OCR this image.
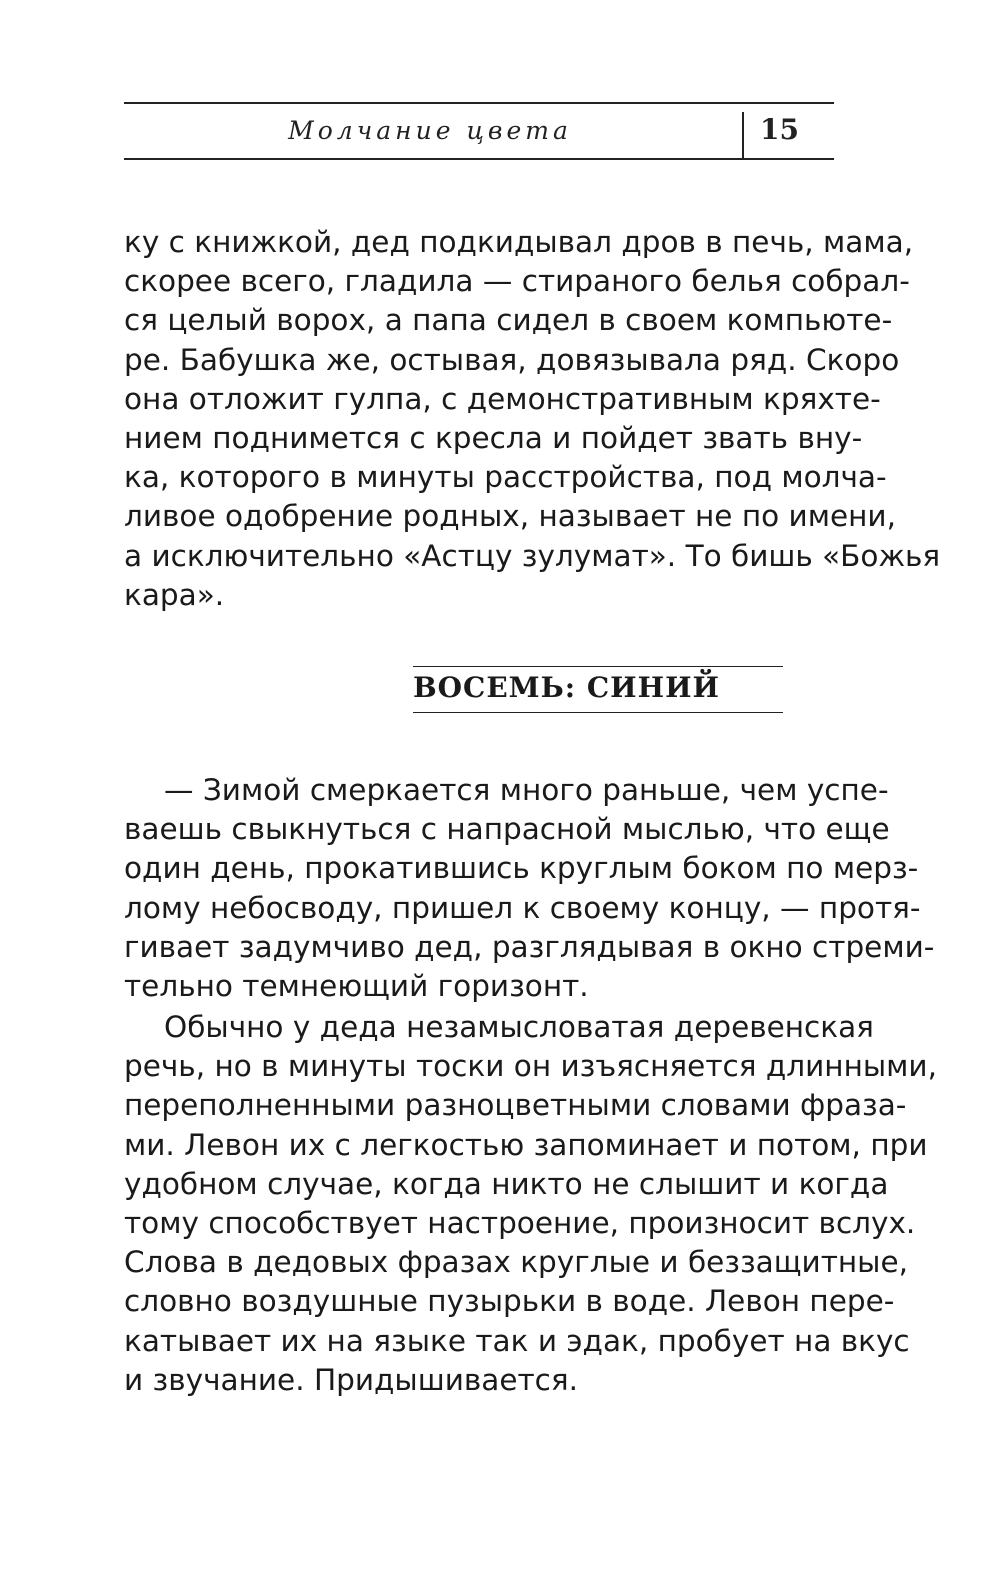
Молчание цвета	15
ку с книжкой, дед подкидывал дров в печь, мама,
скорее всего, гладила — стираного белья собрал-
ся целый ворох, а папа сидел в своем компьюте-
ре. Бабушка же, остывая, довязывала ряд. Скоро
она отложит гулпа, с демонстративным кряхте-
нием поднимется с кресла и пойдет звать вну-
ка, которого в минуты расстройства, под молча-
ливое одобрение родных, называет не по имени,
а исключительно «Астцу зулумат». То бишь «Божья
кара».
ВОСЕМЬ: СИНИЙ
— Зимой смеркается много раньше, чем успе-
ваешь свыкнуться с напрасной мыслью, что еще
один день, прокатившись круглым боком по мерз-
лому небосводу, пришел к своему концу, — протя-
гивает задумчиво дед, разглядывая в окно стреми-
тельно темнеющий горизонт.
Обычно у деда незамысловатая деревенская
речь, но в минуты тоски он изъясняется длинными,
переполненными разноцветными словами фраза-
ми. Левон их с легкостью запоминает и потом, при
удобном случае, когда никто не слышит и когда
тому способствует настроение, произносит вслух.
Слова в дедовых фразах круглые и беззащитные,
словно воздушные пузырьки в воде. Левон пере-
катывает их на языке так и эдак, пробует на вкус
и звучание. Придышивается.
